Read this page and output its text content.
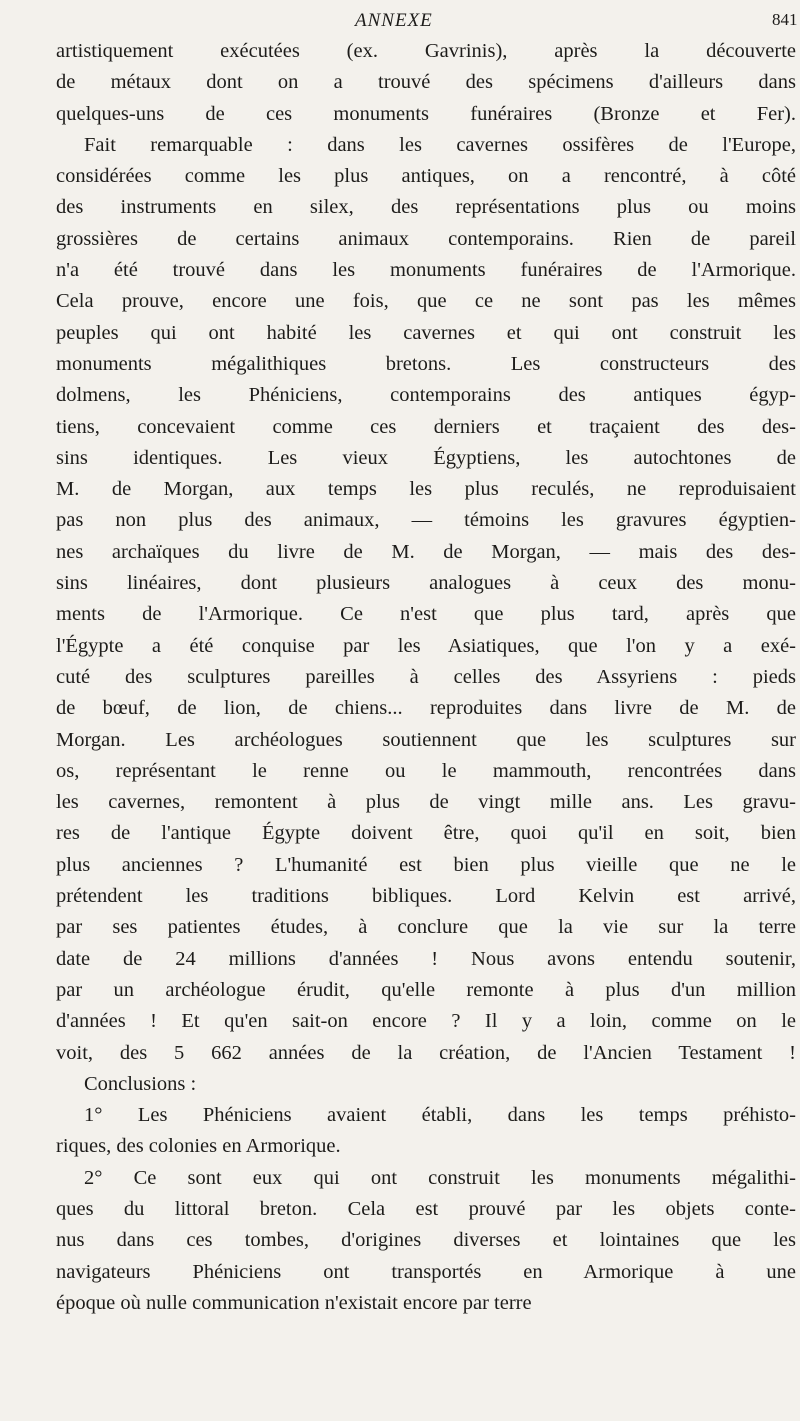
ANNEXE	841
artistiquement exécutées (ex. Gavrinis), après la découverte
de métaux dont on a trouvé des spécimens d'ailleurs dans
quelques-uns de ces monuments funéraires (Bronze et Fer).
Fait remarquable : dans les cavernes ossifères de l'Europe,
considérées comme les plus antiques, on a rencontré, à côté
des instruments en silex, des représentations plus ou moins
grossières de certains animaux contemporains. Rien de pareil
n'a été trouvé dans les monuments funéraires de l'Armorique.
Cela prouve, encore une fois, que ce ne sont pas les mêmes
peuples qui ont habité les cavernes et qui ont construit les
monuments mégalithiques bretons. Les constructeurs des
dolmens, les Phéniciens, contemporains des antiques égyp-
tiens, concevaient comme ces derniers et traçaient des des-
sins identiques. Les vieux Égyptiens, les autochtones de
M. de Morgan, aux temps les plus reculés, ne reproduisaient
pas non plus des animaux, — témoins les gravures égyptien-
nes archaïques du livre de M. de Morgan, — mais des des-
sins linéaires, dont plusieurs analogues à ceux des monu-
ments de l'Armorique. Ce n'est que plus tard, après que
l'Égypte a été conquise par les Asiatiques, que l'on y a exé-
cuté des sculptures pareilles à celles des Assyriens : pieds
de bœuf, de lion, de chiens... reproduites dans livre de M. de
Morgan. Les archéologues soutiennent que les sculptures sur
os, représentant le renne ou le mammouth, rencontrées dans
les cavernes, remontent à plus de vingt mille ans. Les gravu-
res de l'antique Égypte doivent être, quoi qu'il en soit, bien
plus anciennes ? L'humanité est bien plus vieille que ne le
prétendent les traditions bibliques. Lord Kelvin est arrivé,
par ses patientes études, à conclure que la vie sur la terre
date de 24 millions d'années ! Nous avons entendu soutenir,
par un archéologue érudit, qu'elle remonte à plus d'un million
d'années ! Et qu'en sait-on encore ? Il y a loin, comme on le
voit, des 5 662 années de la création, de l'Ancien Testament !
Conclusions :
1° Les Phéniciens avaient établi, dans les temps préhisto-
riques, des colonies en Armorique.
2° Ce sont eux qui ont construit les monuments mégalithi-
ques du littoral breton. Cela est prouvé par les objets conte-
nus dans ces tombes, d'origines diverses et lointaines que les
navigateurs Phéniciens ont transportés en Armorique à une
époque où nulle communication n'existait encore par terre
